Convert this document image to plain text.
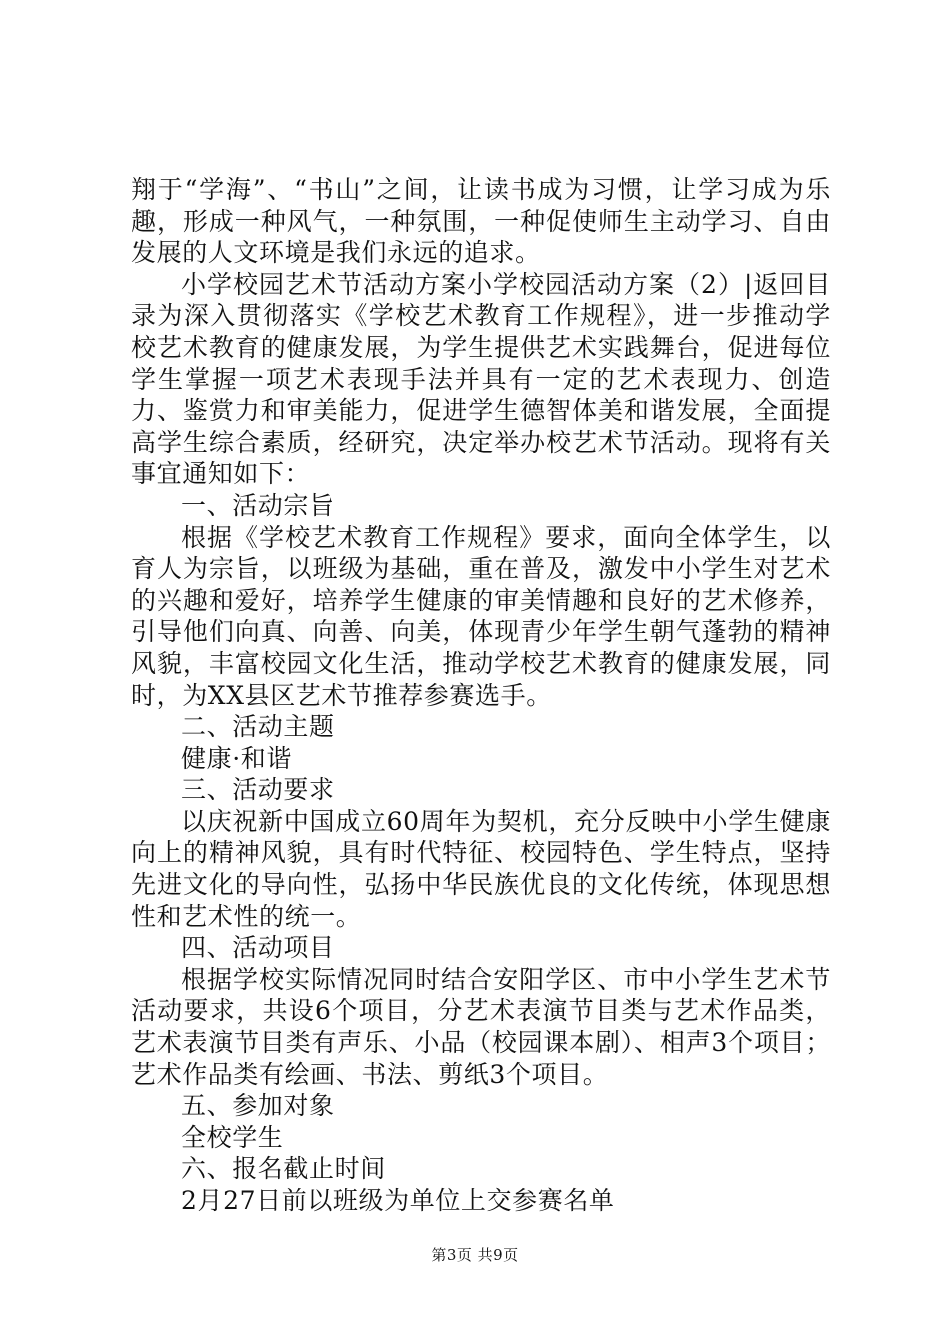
翔于“学海”、“书山”之间，让读书成为习惯，让学习成为乐趣，形成一种风气，一种氛围，一种促使师生主动学习、自由发展的人文环境是我们永远的追求。

小学校园艺术节活动方案小学校园活动方案（2）|返回目录为深入贯彻落实《学校艺术教育工作规程》，进一步推动学校艺术教育的健康发展，为学生提供艺术实践舞台，促进每位学生掌握一项艺术表现手法并具有一定的艺术表现力、创造力、鉴赏力和审美能力，促进学生德智体美和谐发展，全面提高学生综合素质，经研究，决定举办校艺术节活动。现将有关事宜通知如下：

一、活动宗旨

根据《学校艺术教育工作规程》要求，面向全体学生，以育人为宗旨，以班级为基础，重在普及，激发中小学生对艺术的兴趣和爱好，培养学生健康的审美情趣和良好的艺术修养，引导他们向真、向善、向美，体现青少年学生朝气蓬勃的精神风貌，丰富校园文化生活，推动学校艺术教育的健康发展，同时，为XX县区艺术节推荐参赛选手。

二、活动主题

健康·和谐

三、活动要求

以庆祝新中国成立60周年为契机，充分反映中小学生健康向上的精神风貌，具有时代特征、校园特色、学生特点，坚持先进文化的导向性，弘扬中华民族优良的文化传统，体现思想性和艺术性的统一。

四、活动项目

根据学校实际情况同时结合安阳学区、市中小学生艺术节活动要求，共设6个项目，分艺术表演节目类与艺术作品类，艺术表演节目类有声乐、小品（校园课本剧）、相声3个项目；艺术作品类有绘画、书法、剪纸3个项目。

五、参加对象

全校学生

六、报名截止时间

2月27日前以班级为单位上交参赛名单

第3页 共9页
